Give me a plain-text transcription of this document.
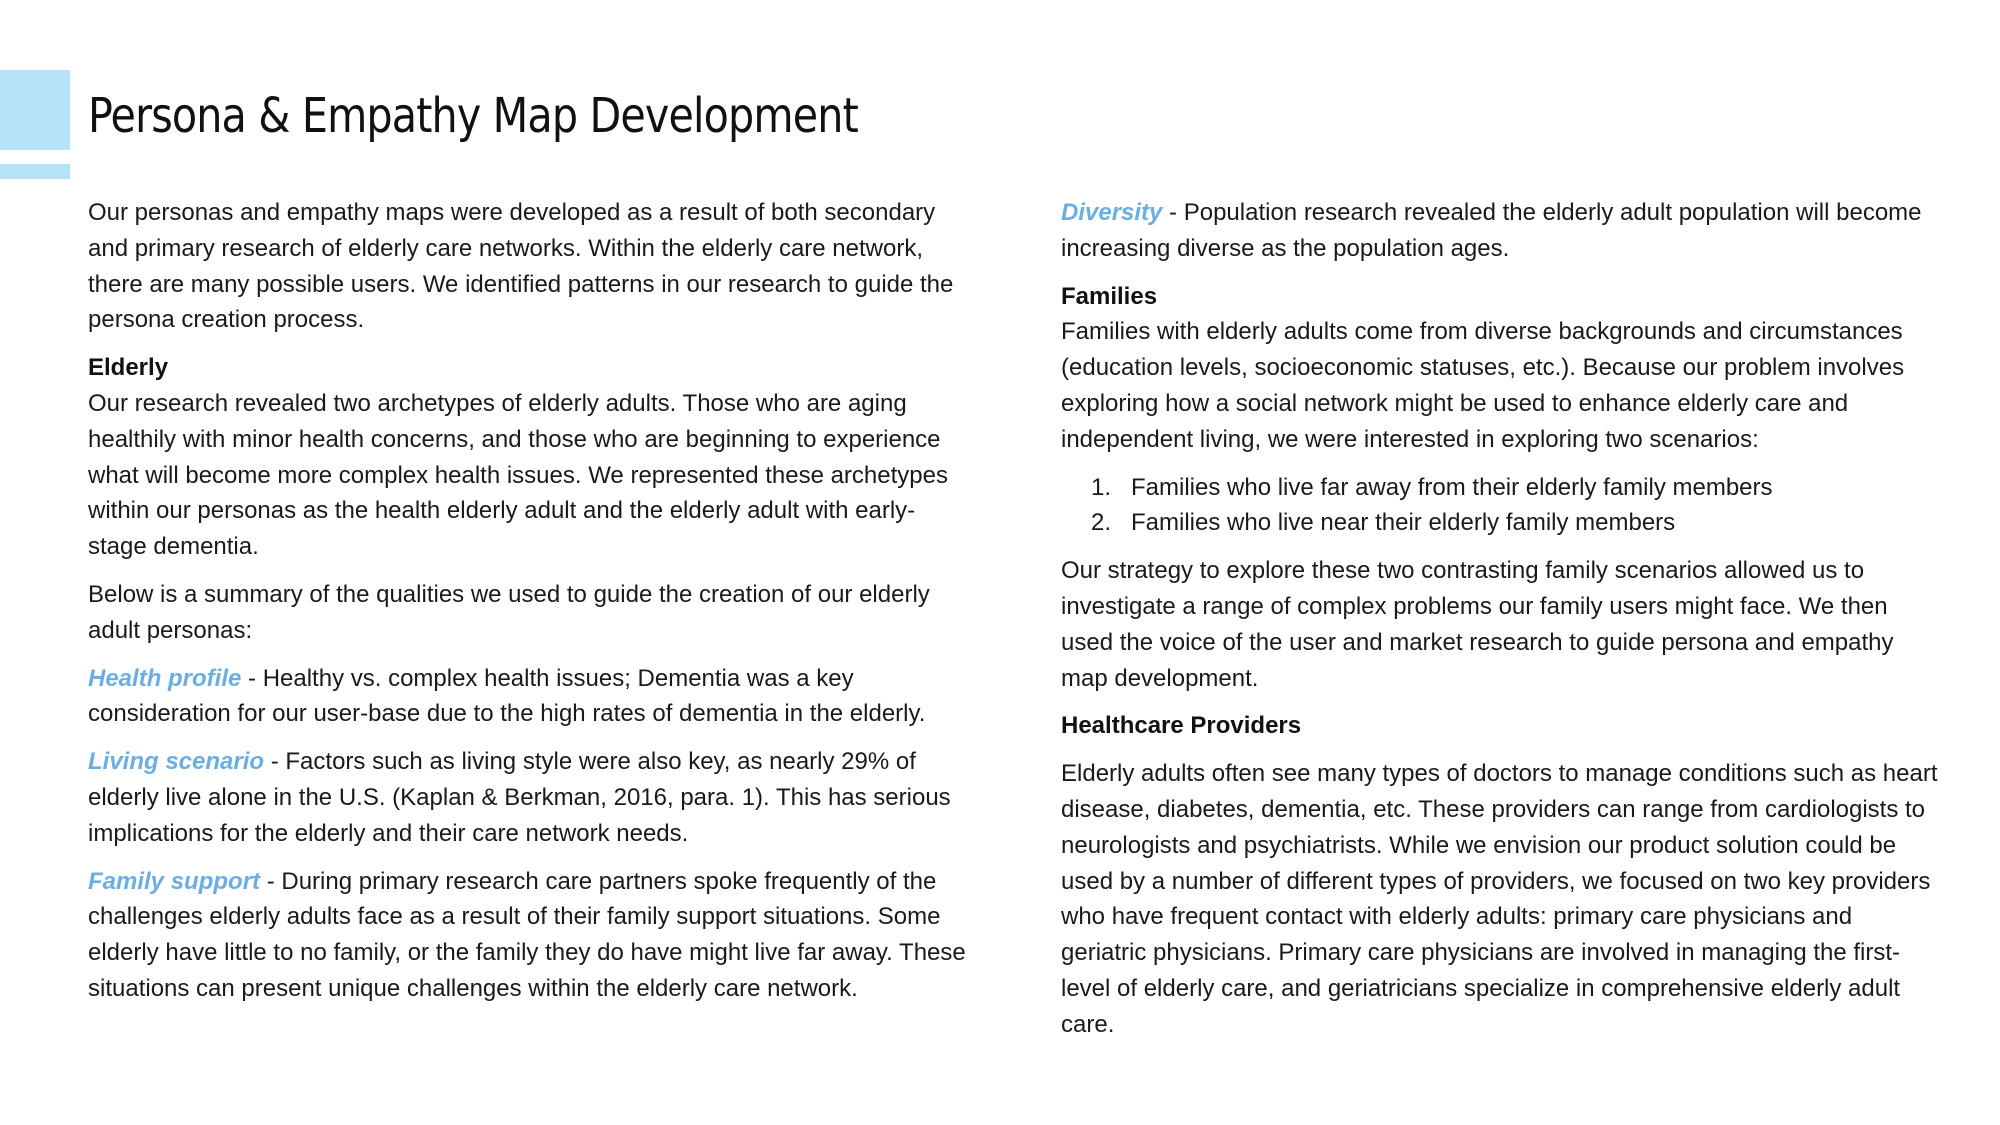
Persona & Empathy Map Development

Our personas and empathy maps were developed as a result of both secondary and primary research of elderly care networks. Within the elderly care network, there are many possible users. We identified patterns in our research to guide the persona creation process.

Elderly
Our research revealed two archetypes of elderly adults. Those who are aging healthily with minor health concerns, and those who are beginning to experience what will become more complex health issues. We represented these archetypes within our personas as the health elderly adult and the elderly adult with early-stage dementia.

Below is a summary of the qualities we used to guide the creation of our elderly adult personas:

Health profile - Healthy vs. complex health issues; Dementia was a key consideration for our user-base due to the high rates of dementia in the elderly.

Living scenario - Factors such as living style were also key, as nearly 29% of elderly live alone in the U.S. (Kaplan & Berkman, 2016, para. 1). This has serious implications for the elderly and their care network needs.

Family support - During primary research care partners spoke frequently of the challenges elderly adults face as a result of their family support situations. Some elderly have little to no family, or the family they do have might live far away. These situations can present unique challenges within the elderly care network.

Diversity - Population research revealed the elderly adult population will become increasing diverse as the population ages.

Families
Families with elderly adults come from diverse backgrounds and circumstances (education levels, socioeconomic statuses, etc.). Because our problem involves exploring how a social network might be used to enhance elderly care and independent living, we were interested in exploring two scenarios:

1. Families who live far away from their elderly family members
2. Families who live near their elderly family members

Our strategy to explore these two contrasting family scenarios allowed us to investigate a range of complex problems our family users might face. We then used the voice of the user and market research to guide persona and empathy map development.

Healthcare Providers

Elderly adults often see many types of doctors to manage conditions such as heart disease, diabetes, dementia, etc. These providers can range from cardiologists to neurologists and psychiatrists. While we envision our product solution could be used by a number of different types of providers, we focused on two key providers who have frequent contact with elderly adults: primary care physicians and geriatric physicians. Primary care physicians are involved in managing the first-level of elderly care, and geriatricians specialize in comprehensive elderly adult care.
